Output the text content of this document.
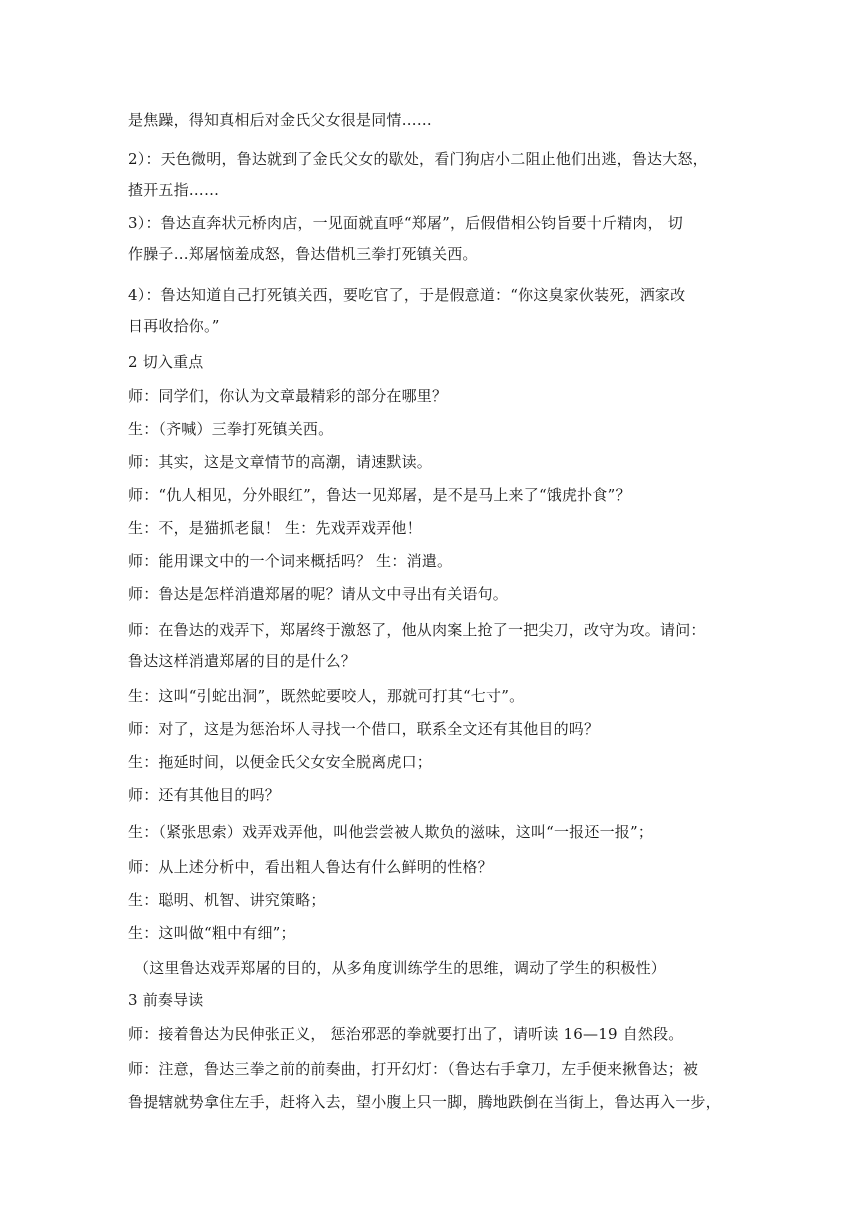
是焦躁，得知真相后对金氏父女很是同情……
2）：天色微明，鲁达就到了金氏父女的歇处，看门狗店小二阻止他们出逃，鲁达大怒，
揸开五指……
3）：鲁达直奔状元桥肉店，一见面就直呼“郑屠”，后假借相公钧旨要十斤精肉， 切
作臊子…郑屠恼羞成怒，鲁达借机三拳打死镇关西。
4）：鲁达知道自己打死镇关西，要吃官了，于是假意道：“你这臭家伙装死，洒家改
日再收拾你。”
2 切入重点
师：同学们，你认为文章最精彩的部分在哪里？
生：（齐喊）三拳打死镇关西。
师：其实，这是文章情节的高潮，请速默读。
师：“仇人相见，分外眼红”，鲁达一见郑屠，是不是马上来了“饿虎扑食”？
生：不，是猫抓老鼠！ 生：先戏弄戏弄他！
师：能用课文中的一个词来概括吗？ 生：消遣。
师：鲁达是怎样消遣郑屠的呢？请从文中寻出有关语句。
师：在鲁达的戏弄下，郑屠终于激怒了，他从肉案上抢了一把尖刀，改守为攻。请问：
鲁达这样消遣郑屠的目的是什么？
生：这叫“引蛇出洞”，既然蛇要咬人，那就可打其“七寸”。
师：对了，这是为惩治坏人寻找一个借口，联系全文还有其他目的吗？
生：拖延时间，以便金氏父女安全脱离虎口；
师：还有其他目的吗？
生：（紧张思索）戏弄戏弄他，叫他尝尝被人欺负的滋味，这叫“一报还一报”；
师：从上述分析中，看出粗人鲁达有什么鲜明的性格？
生：聪明、机智、讲究策略；
生：这叫做“粗中有细”；
（这里鲁达戏弄郑屠的目的，从多角度训练学生的思维，调动了学生的积极性）
3 前奏导读
师：接着鲁达为民伸张正义， 惩治邪恶的拳就要打出了，请听读 16—19 自然段。
师：注意，鲁达三拳之前的前奏曲，打开幻灯：（鲁达右手拿刀，左手便来揪鲁达；被
鲁提辖就势拿住左手，赶将入去，望小腹上只一脚，腾地跌倒在当街上，鲁达再入一步，
